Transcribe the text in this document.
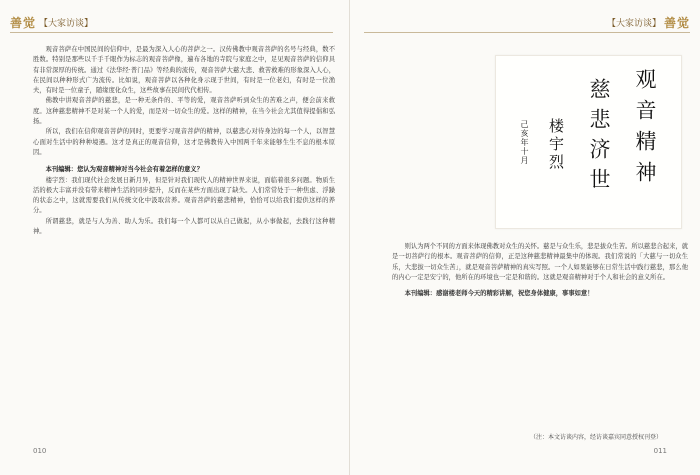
善觉 【大家访谈】

观音菩萨在中国民间的信仰中，是最为深入人心的菩萨之一。汉传佛教中观音菩萨的名号与经典，数不胜数。特别是那些以千手千眼作为标志的观音菩萨像，遍布各地的寺院与家庭之中，足见观音菩萨的信仰具有非常深厚的传统。通过《法华经·普门品》等经典的流传，观音菩萨大慈大悲、救苦救难的形象深入人心，在民间以种种形式广为流传。比如说，观音菩萨以各种化身示现于世间，有时是一位老妇，有时是一位渔夫，有时是一位童子，随缘度化众生，这些故事在民间代代相传。

佛教中讲观音菩萨的慈悲，是一种无条件的、平等的爱，观音菩萨听到众生的苦难之声，便会前来救度。这种慈悲精神不是对某一个人的爱，而是对一切众生的爱。这样的精神，在当今社会尤其值得提倡和弘扬。

所以，我们在信仰观音菩萨的同时，更要学习观音菩萨的精神，以慈悲心对待身边的每一个人，以智慧心面对生活中的种种境遇。这才是真正的观音信仰，这才是佛教传入中国两千年来能够生生不息的根本原因。

本刊编辑：您认为观音精神对当今社会有着怎样的意义？

楼宇烈：我们现代社会发展日新月异，但是针对我们现代人的精神世界来说，面临着很多问题。物质生活的极大丰富并没有带来精神生活的同步提升，反而在某些方面出现了缺失。人们常常处于一种焦虑、浮躁的状态之中，这就需要我们从传统文化中汲取营养。观音菩萨的慈悲精神，恰恰可以给我们提供这样的养分。

所谓慈悲，就是与人为善、助人为乐。我们每一个人都可以从自己做起，从小事做起，去践行这种精神。

010
【大家访谈】 善觉
观音精神
慈悲济世
楼宇烈
己亥年十月

则认为两个不同的方面来体现佛教对众生的关怀。慈是与众生乐，悲是拔众生苦。所以慈悲合起来，就是一切菩萨行的根本。观音菩萨的信仰，正是这种慈悲精神最集中的体现。我们常说的「大慈与一切众生乐，大悲拔一切众生苦」，就是观音菩萨精神的真实写照。一个人如果能够在日常生活中践行慈悲，那么他的内心一定是安宁的，他所在的环境也一定是和谐的。这就是观音精神对于个人和社会的意义所在。

本刊编辑：感谢楼老师今天的精彩讲解，祝您身体健康，事事如意！

（注：本文访谈内容，经访谈嘉宾同意授权刊登）
011
